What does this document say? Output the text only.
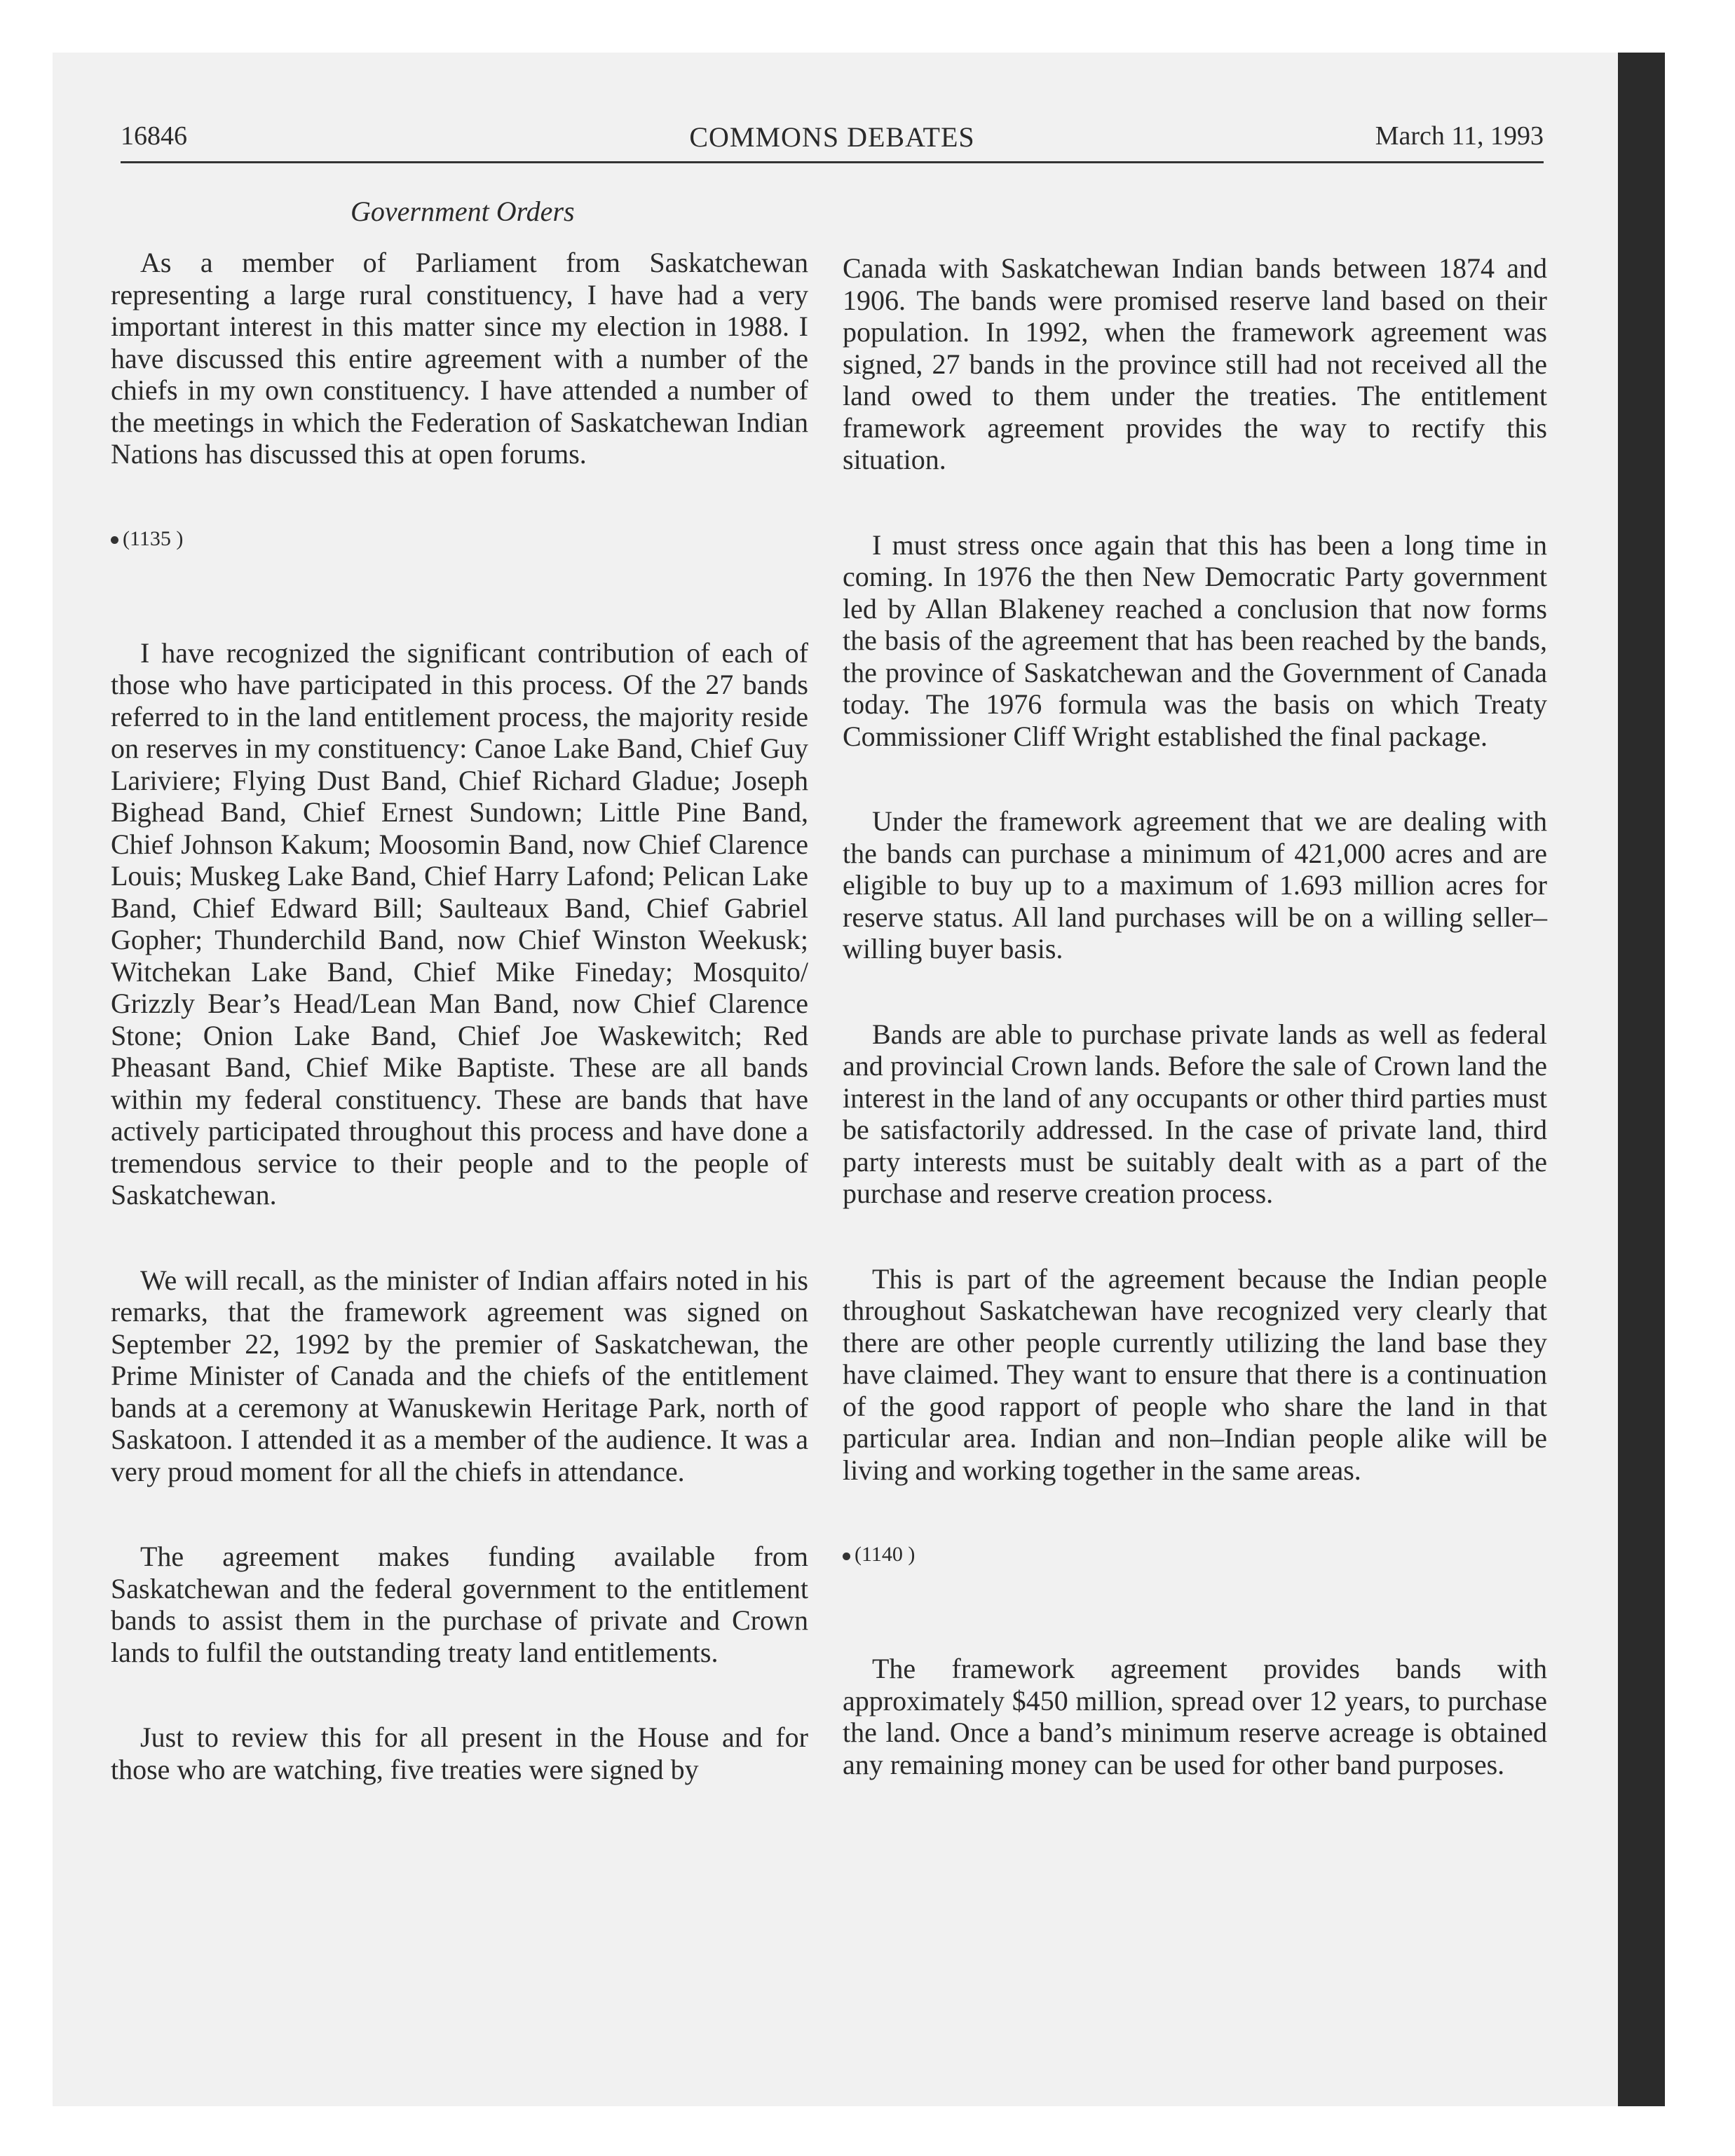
16846	COMMONS DEBATES	March 11, 1993
Government Orders

As a member of Parliament from Saskatchewan representing a large rural constituency, I have had a very important interest in this matter since my election in 1988. I have discussed this entire agreement with a number of the chiefs in my own constituency. I have attended a number of the meetings in which the Federation of Saskatchewan Indian Nations has discussed this at open forums.

(1135 )

I have recognized the significant contribution of each of those who have participated in this process. Of the 27 bands referred to in the land entitlement process, the majority reside on reserves in my constituency: Canoe Lake Band, Chief Guy Lariviere; Flying Dust Band, Chief Richard Gladue; Joseph Bighead Band, Chief Ernest Sundown; Little Pine Band, Chief Johnson Kakum; Moosomin Band, now Chief Clarence Louis; Muskeg Lake Band, Chief Harry Lafond; Pelican Lake Band, Chief Edward Bill; Saulteaux Band, Chief Gabriel Gopher; Thunderchild Band, now Chief Winston Weekusk; Witchekan Lake Band, Chief Mike Fineday; Mosquito/ Grizzly Bear’s Head/Lean Man Band, now Chief Clarence Stone; Onion Lake Band, Chief Joe Waskewitch; Red Pheasant Band, Chief Mike Baptiste. These are all bands within my federal constituency. These are bands that have actively participated throughout this process and have done a tremendous service to their people and to the people of Saskatchewan.

We will recall, as the minister of Indian affairs noted in his remarks, that the framework agreement was signed on September 22, 1992 by the premier of Saskatchewan, the Prime Minister of Canada and the chiefs of the entitlement bands at a ceremony at Wanuskewin Heritage Park, north of Saskatoon. I attended it as a member of the audience. It was a very proud moment for all the chiefs in attendance.

The agreement makes funding available from Saskatchewan and the federal government to the entitlement bands to assist them in the purchase of private and Crown lands to fulfil the outstanding treaty land entitlements.

Just to review this for all present in the House and for those who are watching, five treaties were signed by

Canada with Saskatchewan Indian bands between 1874 and 1906. The bands were promised reserve land based on their population. In 1992, when the framework agreement was signed, 27 bands in the province still had not received all the land owed to them under the treaties. The entitlement framework agreement provides the way to rectify this situation.

I must stress once again that this has been a long time in coming. In 1976 the then New Democratic Party government led by Allan Blakeney reached a conclusion that now forms the basis of the agreement that has been reached by the bands, the province of Saskatchewan and the Government of Canada today. The 1976 formula was the basis on which Treaty Commissioner Cliff Wright established the final package.

Under the framework agreement that we are dealing with the bands can purchase a minimum of 421,000 acres and are eligible to buy up to a maximum of 1.693 million acres for reserve status. All land purchases will be on a willing seller–willing buyer basis.

Bands are able to purchase private lands as well as federal and provincial Crown lands. Before the sale of Crown land the interest in the land of any occupants or other third parties must be satisfactorily addressed. In the case of private land, third party interests must be suitably dealt with as a part of the purchase and reserve creation process.

This is part of the agreement because the Indian people throughout Saskatchewan have recognized very clearly that there are other people currently utilizing the land base they have claimed. They want to ensure that there is a continuation of the good rapport of people who share the land in that particular area. Indian and non–Indian people alike will be living and working together in the same areas.

(1140 )

The framework agreement provides bands with approximately $450 million, spread over 12 years, to purchase the land. Once a band’s minimum reserve acreage is obtained any remaining money can be used for other band purposes.
